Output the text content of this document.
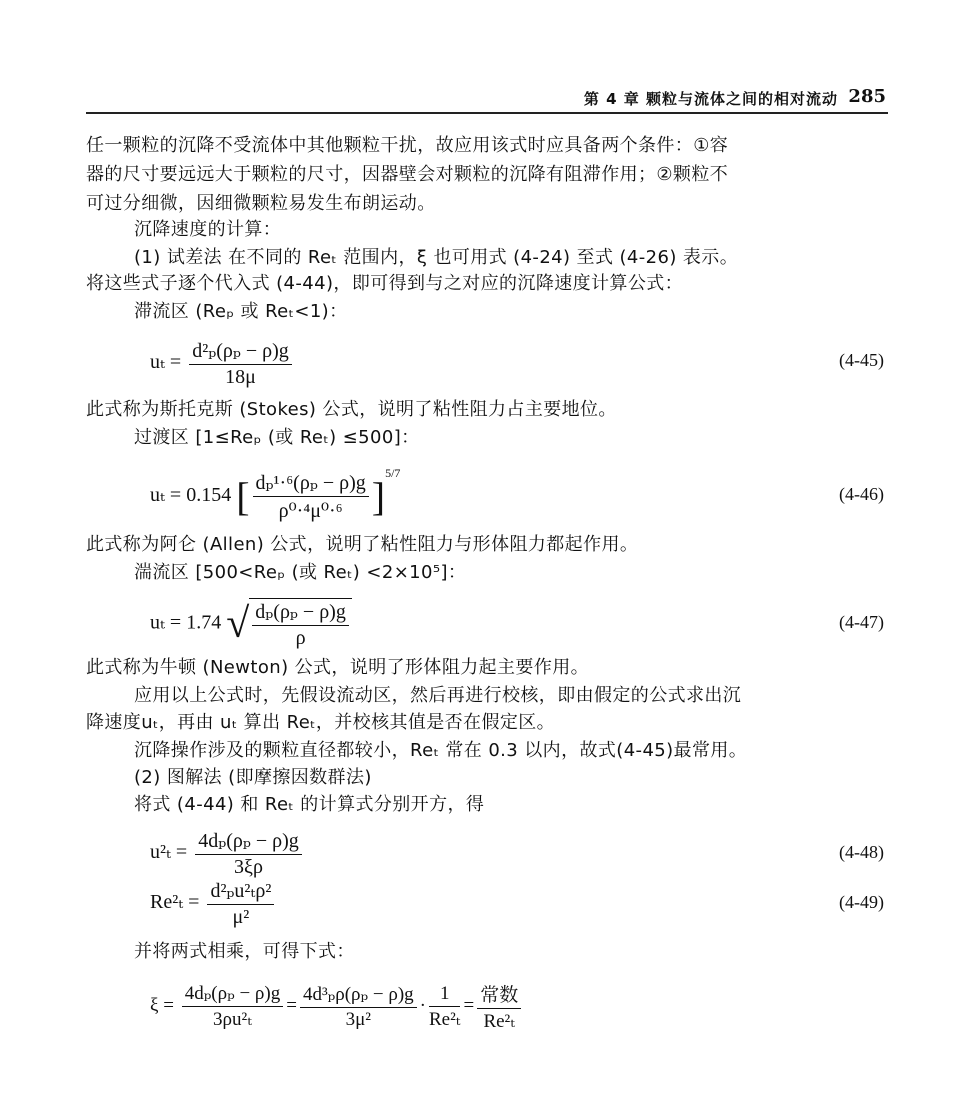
第 4 章 颗粒与流体之间的相对流动 285
任一颗粒的沉降不受流体中其他颗粒干扰，故应用该式时应具备两个条件：①容
器的尺寸要远远大于颗粒的尺寸，因器壁会对颗粒的沉降有阻滞作用；②颗粒不
可过分细微，因细微颗粒易发生布朗运动。
沉降速度的计算：
(1) 试差法 在不同的 Reₜ 范围内，ξ 也可用式 (4-24) 至式 (4-26) 表示。
将这些式子逐个代入式 (4-44)，即可得到与之对应的沉降速度计算公式：
滞流区 (Reₚ 或 Reₜ<1)：
$u_t = \frac{\text{d²ₚ(ρₚ − ρ)g}}{18\mu}$	(4-45)
此式称为斯托克斯 (Stokes) 公式，说明了粘性阻力占主要地位。
过渡区 [1≤Reₚ (或 Reₜ) ≤500]：
uₜ = 0.154 [ $\frac{\text{dₚ¹·⁶(ρₚ − ρ)g}}{\text{ρ⁰·⁴μ⁰·⁶}} ]^{5/7}$
(4-46)
此式称为阿仑 (Allen) 公式，说明了粘性阻力与形体阻力都起作用。
湍流区 [500<Reₚ (或 Reₜ) <2×10⁵]：
uₜ = 1.74 √ $\frac{\text{dₚ(ρₚ − ρ)g}}{\rho}$	(4-47)
此式称为牛顿 (Newton) 公式，说明了形体阻力起主要作用。
应用以上公式时，先假设流动区，然后再进行校核，即由假定的公式求出沉
降速度uₜ，再由 uₜ 算出 Reₜ，并校核其值是否在假定区。
沉降操作涉及的颗粒直径都较小，Reₜ 常在 0.3 以内，故式(4-45)最常用。
(2) 图解法 (即摩擦因数群法)
将式 (4-44) 和 Reₜ 的计算式分别开方，得
$u^2_t = \frac{\text{4dₚ(ρₚ − ρ)g}}{3\xi\rho}$	(4-48)
$Re^2_t = \frac{\text{d²ₚu²ₜρ²}}{\text{μ²}}$	(4-49)
并将两式相乘，可得下式：
$\xi = \frac{\text{4dₚ(ρₚ − ρ)g}}{\text{3ρu²ₜ}} = \frac{\text{4d³ₚρ(ρₚ − ρ)g}}{\text{3μ²}} \cdot \frac{1}{\text{Re²ₜ}} = \frac{\text{常数}}{\text{Re²ₜ}}$
